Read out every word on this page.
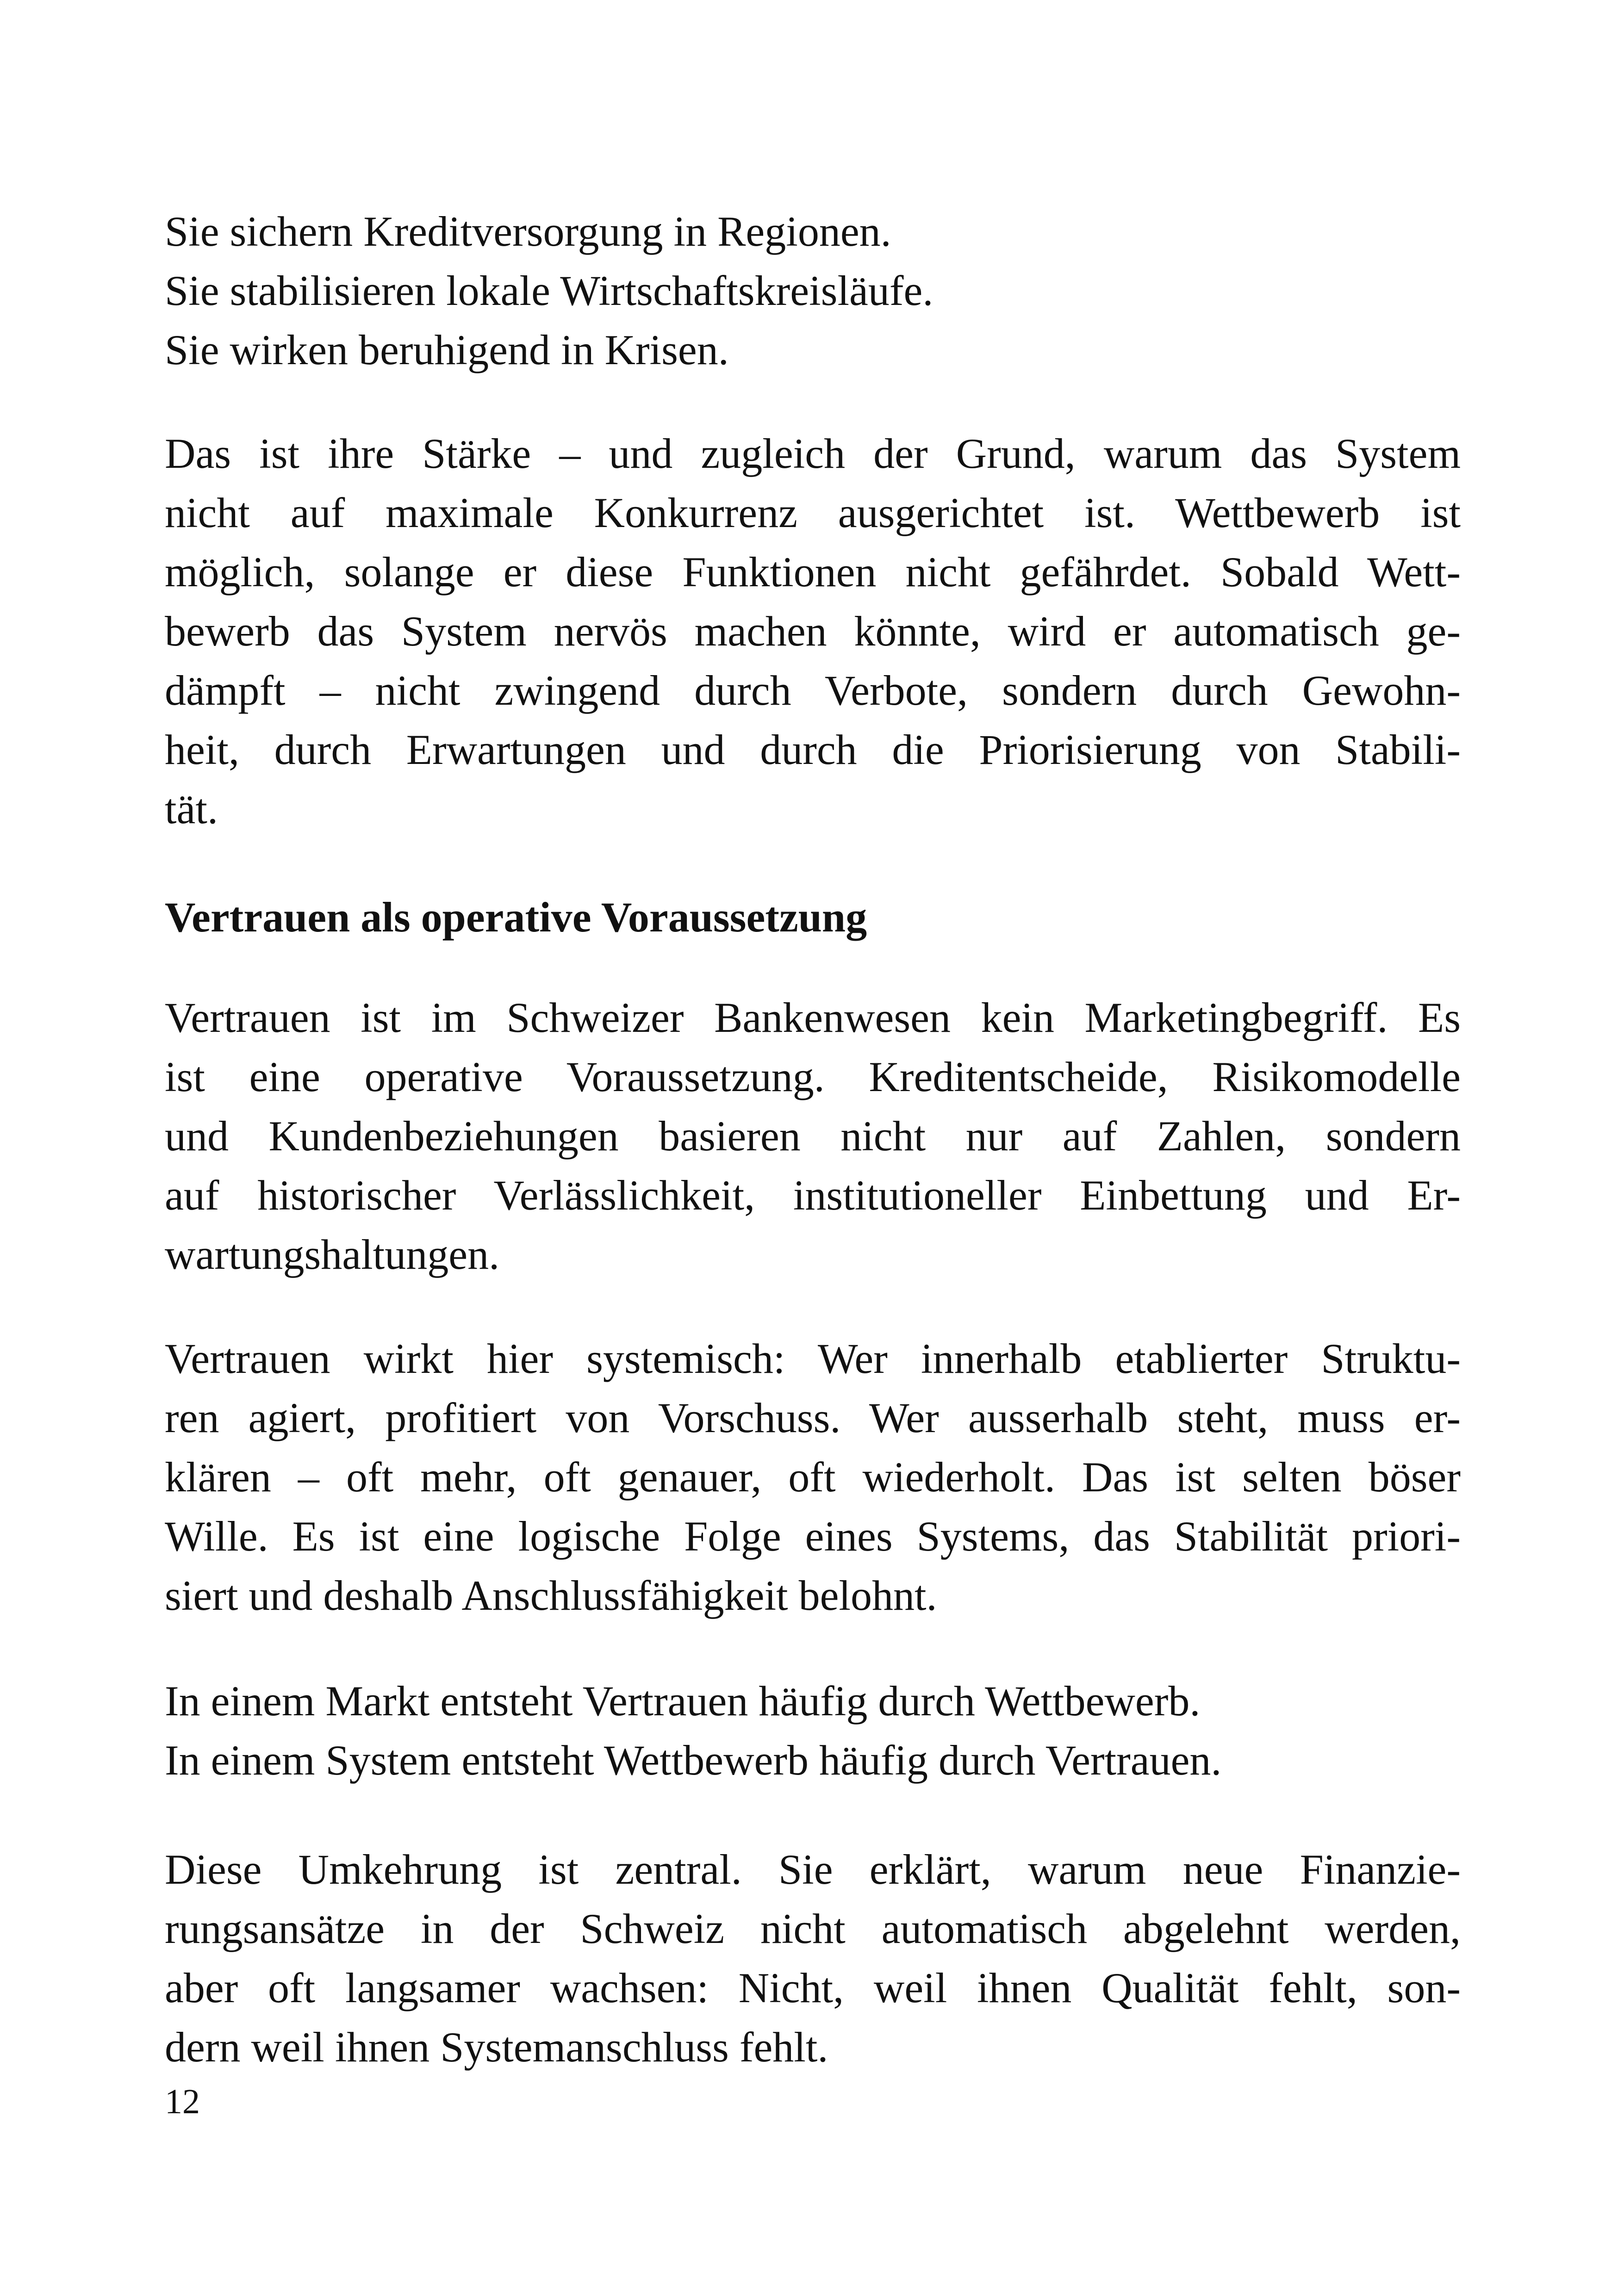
Sie sichern Kreditversorgung in Regionen.
Sie stabilisieren lokale Wirtschaftskreisläufe.
Sie wirken beruhigend in Krisen.
Das ist ihre Stärke – und zugleich der Grund, warum das System
nicht auf maximale Konkurrenz ausgerichtet ist. Wettbewerb ist
möglich, solange er diese Funktionen nicht gefährdet. Sobald Wett-
bewerb das System nervös machen könnte, wird er automatisch ge-
dämpft – nicht zwingend durch Verbote, sondern durch Gewohn-
heit, durch Erwartungen und durch die Priorisierung von Stabili-
tät.
Vertrauen als operative Voraussetzung
Vertrauen ist im Schweizer Bankenwesen kein Marketingbegriff. Es
ist eine operative Voraussetzung. Kreditentscheide, Risikomodelle
und Kundenbeziehungen basieren nicht nur auf Zahlen, sondern
auf historischer Verlässlichkeit, institutioneller Einbettung und Er-
wartungshaltungen.
Vertrauen wirkt hier systemisch: Wer innerhalb etablierter Struktu-
ren agiert, profitiert von Vorschuss. Wer ausserhalb steht, muss er-
klären – oft mehr, oft genauer, oft wiederholt. Das ist selten böser
Wille. Es ist eine logische Folge eines Systems, das Stabilität priori-
siert und deshalb Anschlussfähigkeit belohnt.
In einem Markt entsteht Vertrauen häufig durch Wettbewerb.
In einem System entsteht Wettbewerb häufig durch Vertrauen.
Diese Umkehrung ist zentral. Sie erklärt, warum neue Finanzie-
rungsansätze in der Schweiz nicht automatisch abgelehnt werden,
aber oft langsamer wachsen: Nicht, weil ihnen Qualität fehlt, son-
dern weil ihnen Systemanschluss fehlt.
12
